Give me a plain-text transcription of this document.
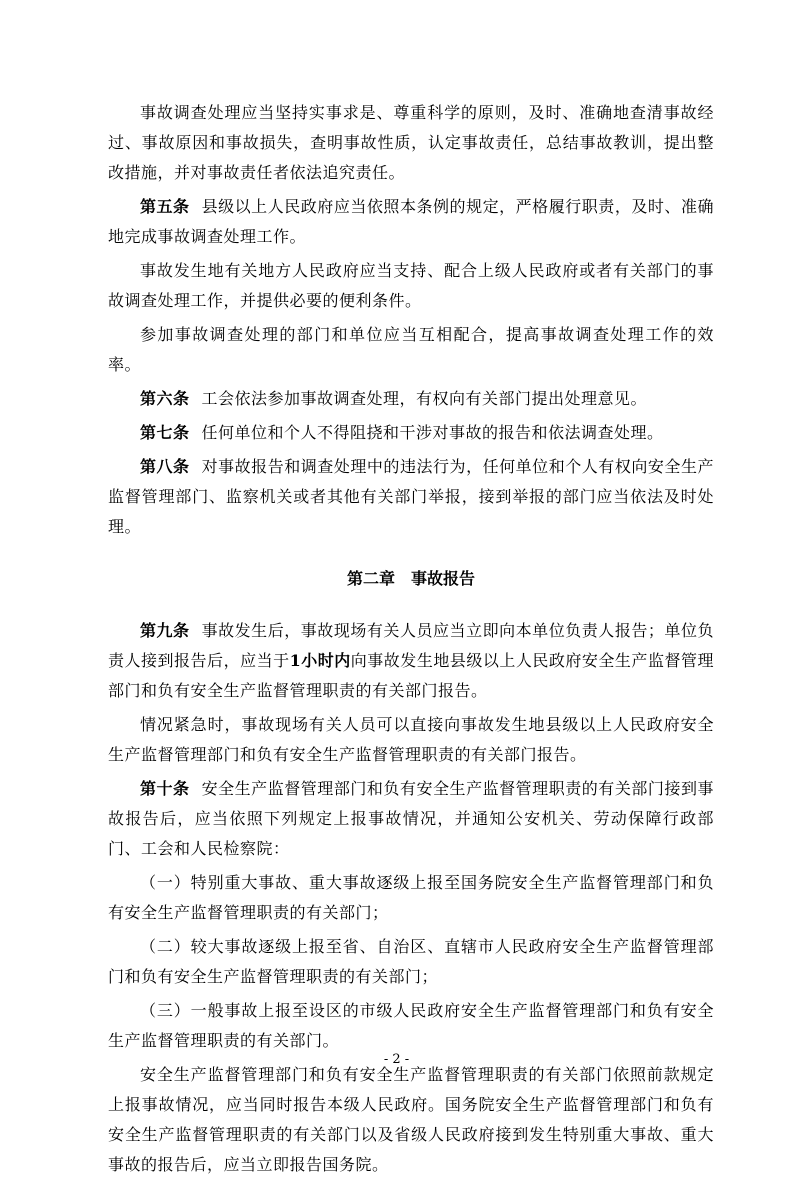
事故调查处理应当坚持实事求是、尊重科学的原则，及时、准确地查清事故经过、事故原因和事故损失，查明事故性质，认定事故责任，总结事故教训，提出整改措施，并对事故责任者依法追究责任。

第五条 县级以上人民政府应当依照本条例的规定，严格履行职责，及时、准确地完成事故调查处理工作。

事故发生地有关地方人民政府应当支持、配合上级人民政府或者有关部门的事故调查处理工作，并提供必要的便利条件。

参加事故调查处理的部门和单位应当互相配合，提高事故调查处理工作的效率。

第六条 工会依法参加事故调查处理，有权向有关部门提出处理意见。

第七条 任何单位和个人不得阻挠和干涉对事故的报告和依法调查处理。

第八条 对事故报告和调查处理中的违法行为，任何单位和个人有权向安全生产监督管理部门、监察机关或者其他有关部门举报，接到举报的部门应当依法及时处理。

第二章 事故报告

第九条 事故发生后，事故现场有关人员应当立即向本单位负责人报告；单位负责人接到报告后，应当于1小时内向事故发生地县级以上人民政府安全生产监督管理部门和负有安全生产监督管理职责的有关部门报告。

情况紧急时，事故现场有关人员可以直接向事故发生地县级以上人民政府安全生产监督管理部门和负有安全生产监督管理职责的有关部门报告。

第十条 安全生产监督管理部门和负有安全生产监督管理职责的有关部门接到事故报告后，应当依照下列规定上报事故情况，并通知公安机关、劳动保障行政部门、工会和人民检察院：

（一）特别重大事故、重大事故逐级上报至国务院安全生产监督管理部门和负有安全生产监督管理职责的有关部门；

（二）较大事故逐级上报至省、自治区、直辖市人民政府安全生产监督管理部门和负有安全生产监督管理职责的有关部门；

（三）一般事故上报至设区的市级人民政府安全生产监督管理部门和负有安全生产监督管理职责的有关部门。

安全生产监督管理部门和负有安全生产监督管理职责的有关部门依照前款规定上报事故情况，应当同时报告本级人民政府。国务院安全生产监督管理部门和负有安全生产监督管理职责的有关部门以及省级人民政府接到发生特别重大事故、重大事故的报告后，应当立即报告国务院。

- 2 -
